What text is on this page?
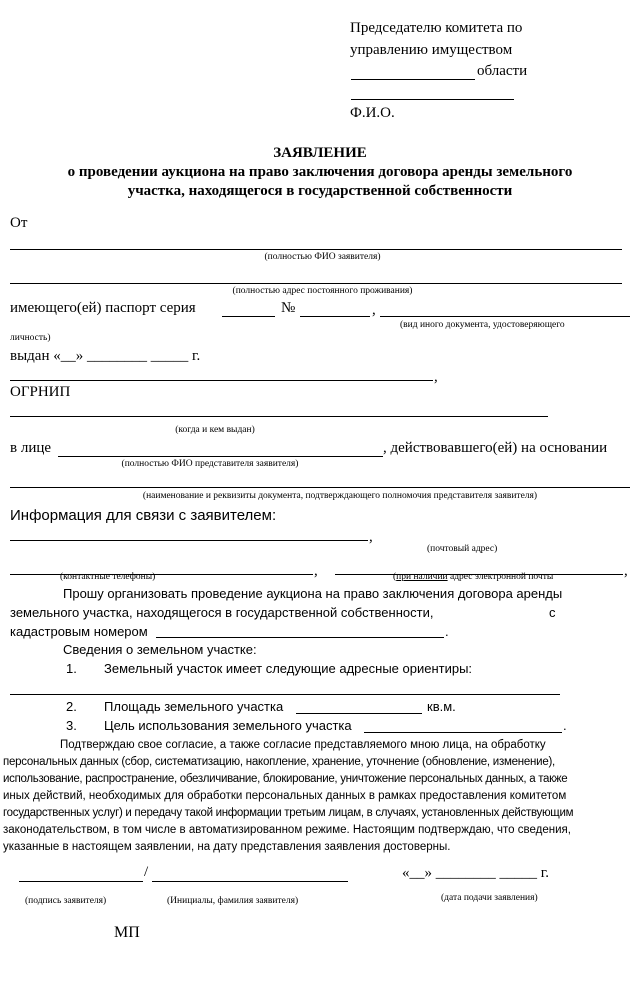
Председателю комитета по
управлению имуществом
области
Ф.И.О.
ЗАЯВЛЕНИЕ
о проведении аукциона на право заключения договора аренды земельного
участка, находящегося в государственной собственности
От
(полностью ФИО заявителя)
(полностью адрес постоянного проживания)
имеющего(ей) паспорт серия	№	,
(вид иного документа, удостоверяющего
личность)
выдан «__» ________ _____ г.
,
ОГРНИП
(когда и кем выдан)
в лице	, действовавшего(ей) на основании
(полностью ФИО представителя заявителя)
(наименование и реквизиты документа, подтверждающего полномочия представителя заявителя)
Информация для связи с заявителем:
,
(почтовый адрес)
,	,
(контактные телефоны)	(при наличии адрес электронной почты
Прошу организовать проведение аукциона на право заключения договора аренды
земельного участка, находящегося в государственной собственности,	с
кадастровым номером	.
Сведения о земельном участке:
1. Земельный участок имеет следующие адресные ориентиры:
2. Площадь земельного участка	кв.м.
3. Цель использования земельного участка	.
Подтверждаю свое согласие, а также согласие представляемого мною лица, на обработку
персональных данных (сбор, систематизацию, накопление, хранение, уточнение (обновление, изменение),
использование, распространение, обезличивание, блокирование, уничтожение персональных данных, а также
иных действий, необходимых для обработки персональных данных в рамках предоставления комитетом
государственных услуг) и передачу такой информации третьим лицам, в случаях, установленных действующим
законодательством, в том числе в автоматизированном режиме. Настоящим подтверждаю, что сведения,
указанные в настоящем заявлении, на дату представления заявления достоверны.
/	«__» ________ _____ г.
(подпись заявителя)	(Инициалы, фамилия заявителя)	(дата подачи заявления)
МП
